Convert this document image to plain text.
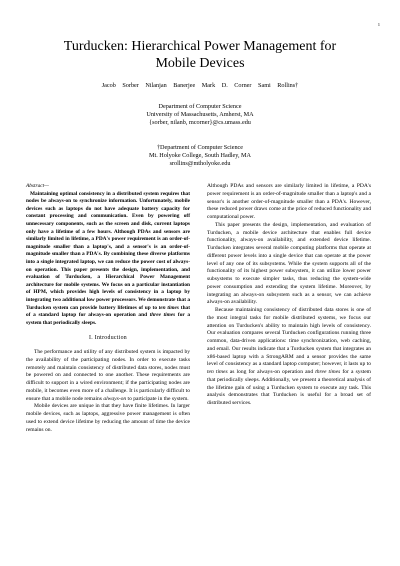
1
Turducken: Hierarchical Power Management for
Mobile Devices
Jacob Sorber Nilanjan Banerjee Mark D. Corner Sami Rollins†
Department of Computer Science
University of Massachusetts, Amherst, MA
{sorber, nilanb, mcorner}@cs.umass.edu
†Department of Computer Science
Mt. Holyoke College, South Hadley, MA
srollins@mtholyoke.edu
Abstract—
Maintaining optimal consistency in a distributed system requires that nodes be always-on to synchronize information. Unfortunately, mobile devices such as laptops do not have adequate battery capacity for constant processing and communication. Even by powering off unnecessary components, such as the screen and disk, current laptops only have a lifetime of a few hours. Although PDAs and sensors are similarly limited in lifetime, a PDA's power requirement is an order-of-magnitude smaller than a laptop's, and a sensor's is an order-of-magnitude smaller than a PDA's. By combining these diverse platforms into a single integrated laptop, we can reduce the power cost of always-on operation. This paper presents the design, implementation, and evaluation of Turducken, a Hierarchical Power Management architecture for mobile systems. We focus on a particular instantiation of HPM, which provides high levels of consistency in a laptop by integrating two additional low power processors. We demonstrate that a Turducken system can provide battery lifetimes of up to ten times that of a standard laptop for always-on operation and three times for a system that periodically sleeps.
I. Introduction

The performance and utility of any distributed system is impacted by the availability of the participating nodes. In order to execute tasks remotely and maintain consistency of distributed data stores, nodes must be powered on and connected to one another. These requirements are difficult to support in a wired environment; if the participating nodes are mobile, it becomes even more of a challenge. It is particularly difficult to ensure that a mobile node remains always-on to participate in the system.

Mobile devices are unique in that they have finite lifetimes. In larger mobile devices, such as laptops, aggressive power management is often used to extend device lifetime by reducing the amount of time the device remains on.

Although PDAs and sensors are similarly limited in lifetime, a PDA's power requirement is an order-of-magnitude smaller than a laptop's and a sensor's is another order-of-magnitude smaller than a PDA's. However, these reduced power draws come at the price of reduced functionality and computational power.

This paper presents the design, implementation, and evaluation of Turducken, a mobile device architecture that enables full device functionality, always-on availability, and extended device lifetime. Turducken integrates several mobile computing platforms that operate at different power levels into a single device that can operate at the power level of any one of its subsystems. While the system supports all of the functionality of its highest power subsystem, it can utilize lower power subsystems to execute simpler tasks, thus reducing the system-wide power consumption and extending the system lifetime. Moreover, by integrating an always-on subsystem such as a sensor, we can achieve always-on availability.

Because maintaining consistency of distributed data stores is one of the most integral tasks for mobile distributed systems, we focus our attention on Turducken's ability to maintain high levels of consistency. Our evaluation compares several Turducken configurations running three common, data-driven applications: time synchronization, web caching, and email. Our results indicate that a Turducken system that integrates an x86-based laptop with a StrongARM and a sensor provides the same level of consistency as a standard laptop computer; however, it lasts up to ten times as long for always-on operation and three times for a system that periodically sleeps. Additionally, we present a theoretical analysis of the lifetime gain of using a Turducken system to execute any task. This analysis demonstrates that Turducken is useful for a broad set of distributed services.
